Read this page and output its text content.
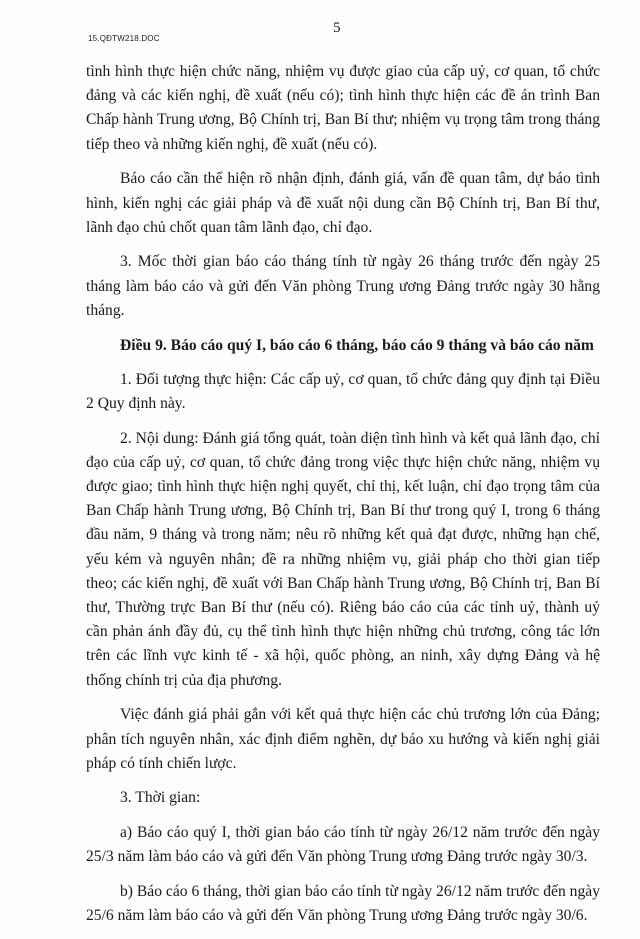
15.QĐTW218.DOC
5

tình hình thực hiện chức năng, nhiệm vụ được giao của cấp uỷ, cơ quan, tổ chức đảng và các kiến nghị, đề xuất (nếu có); tình hình thực hiện các đề án trình Ban Chấp hành Trung ương, Bộ Chính trị, Ban Bí thư; nhiệm vụ trọng tâm trong tháng tiếp theo và những kiến nghị, đề xuất (nếu có).

Báo cáo cần thể hiện rõ nhận định, đánh giá, vấn đề quan tâm, dự báo tình hình, kiến nghị các giải pháp và đề xuất nội dung cần Bộ Chính trị, Ban Bí thư, lãnh đạo chủ chốt quan tâm lãnh đạo, chỉ đạo.

3. Mốc thời gian báo cáo tháng tính từ ngày 26 tháng trước đến ngày 25 tháng làm báo cáo và gửi đến Văn phòng Trung ương Đảng trước ngày 30 hằng tháng.

Điều 9. Báo cáo quý I, báo cáo 6 tháng, báo cáo 9 tháng và báo cáo năm

1. Đối tượng thực hiện: Các cấp uỷ, cơ quan, tổ chức đảng quy định tại Điều 2 Quy định này.

2. Nội dung: Đánh giá tổng quát, toàn diện tình hình và kết quả lãnh đạo, chỉ đạo của cấp uỷ, cơ quan, tổ chức đảng trong việc thực hiện chức năng, nhiệm vụ được giao; tình hình thực hiện nghị quyết, chỉ thị, kết luận, chỉ đạo trọng tâm của Ban Chấp hành Trung ương, Bộ Chính trị, Ban Bí thư trong quý I, trong 6 tháng đầu năm, 9 tháng và trong năm; nêu rõ những kết quả đạt được, những hạn chế, yếu kém và nguyên nhân; đề ra những nhiệm vụ, giải pháp cho thời gian tiếp theo; các kiến nghị, đề xuất với Ban Chấp hành Trung ương, Bộ Chính trị, Ban Bí thư, Thường trực Ban Bí thư (nếu có). Riêng báo cáo của các tỉnh uỷ, thành uỷ cần phản ánh đầy đủ, cụ thể tình hình thực hiện những chủ trương, công tác lớn trên các lĩnh vực kinh tế - xã hội, quốc phòng, an ninh, xây dựng Đảng và hệ thống chính trị của địa phương.

Việc đánh giá phải gắn với kết quả thực hiện các chủ trương lớn của Đảng; phân tích nguyên nhân, xác định điểm nghẽn, dự báo xu hướng và kiến nghị giải pháp có tính chiến lược.

3. Thời gian:

a) Báo cáo quý I, thời gian báo cáo tính từ ngày 26/12 năm trước đến ngày 25/3 năm làm báo cáo và gửi đến Văn phòng Trung ương Đảng trước ngày 30/3.

b) Báo cáo 6 tháng, thời gian báo cáo tính từ ngày 26/12 năm trước đến ngày 25/6 năm làm báo cáo và gửi đến Văn phòng Trung ương Đảng trước ngày 30/6.
